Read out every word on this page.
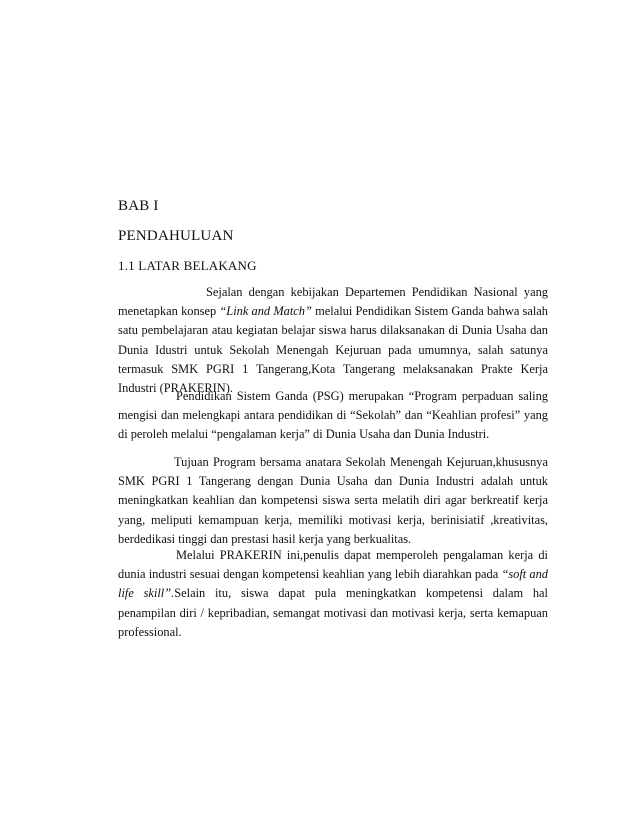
BAB I
PENDAHULUAN
1.1 LATAR BELAKANG

Sejalan dengan kebijakan Departemen Pendidikan Nasional yang menetapkan konsep “Link and Match” melalui Pendidikan Sistem Ganda bahwa salah satu pembelajaran atau kegiatan belajar siswa harus dilaksanakan di Dunia Usaha dan Dunia Idustri untuk Sekolah Menengah Kejuruan pada umumnya, salah satunya termasuk SMK PGRI 1 Tangerang,Kota Tangerang melaksanakan Prakte Kerja Industri (PRAKERIN).

Pendidikan Sistem Ganda (PSG) merupakan “Program perpaduan saling mengisi dan melengkapi antara pendidikan di “Sekolah” dan “Keahlian profesi” yang di peroleh melalui “pengalaman kerja” di Dunia Usaha dan Dunia Industri.

Tujuan Program bersama anatara Sekolah Menengah Kejuruan,khususnya SMK PGRI 1 Tangerang dengan Dunia Usaha dan Dunia Industri adalah untuk meningkatkan keahlian dan kompetensi siswa serta melatih diri agar berkreatif kerja yang, meliputi kemampuan kerja, memiliki motivasi kerja, berinisiatif ,kreativitas, berdedikasi tinggi dan prestasi hasil kerja yang berkualitas.

Melalui PRAKERIN ini,penulis dapat memperoleh pengalaman kerja di dunia industri sesuai dengan kompetensi keahlian yang lebih diarahkan pada “soft and life skill”.Selain itu, siswa dapat pula meningkatkan kompetensi dalam hal penampilan diri / kepribadian, semangat motivasi dan motivasi kerja, serta kemapuan professional.
